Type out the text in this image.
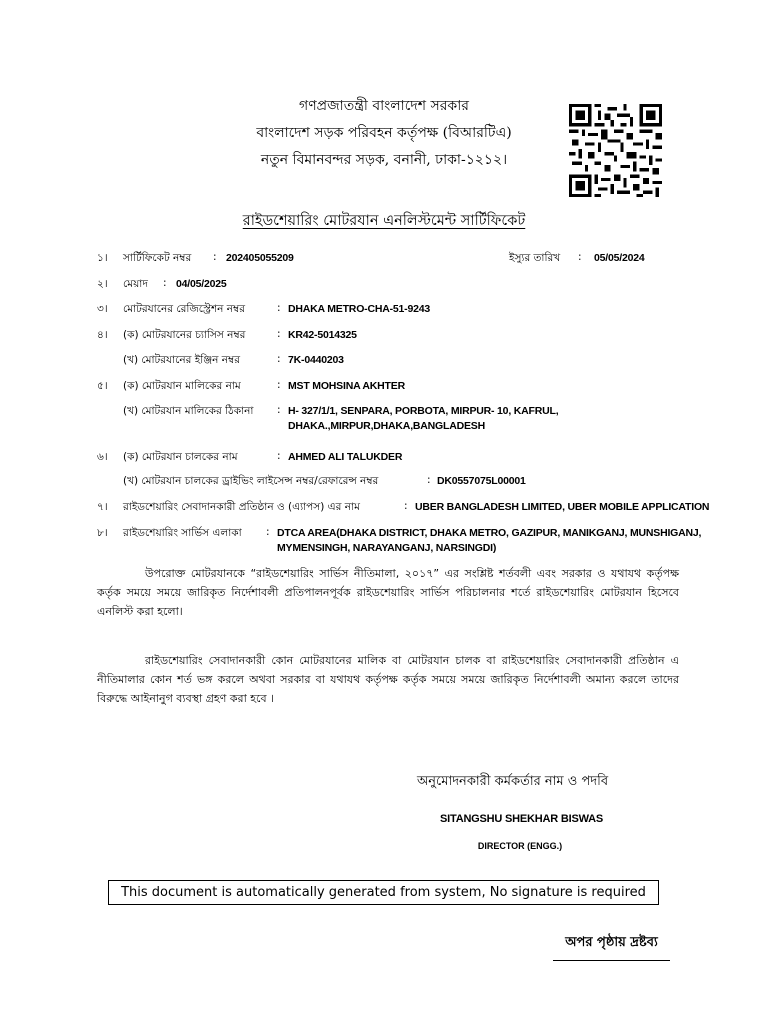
গণপ্রজাতন্ত্রী বাংলাদেশ সরকার
বাংলাদেশ সড়ক পরিবহন কর্তৃপক্ষ (বিআরটিএ)
নতুন বিমানবন্দর সড়ক, বনানী, ঢাকা-১২১২।
রাইডশেয়ারিং মোটরযান এনলিস্টমেন্ট সার্টিফিকেট
১। সার্টিফিকেট নম্বর : 202405055209	ইস্যুর তারিখ : 05/05/2024
২। মেয়াদ : 04/05/2025
৩। মোটরযানের রেজিস্ট্রেশন নম্বর	: DHAKA METRO-CHA-51-9243
৪। (ক) মোটরযানের চ্যাসিস নম্বর	: KR42-5014325
(খ) মোটরযানের ইঞ্জিন নম্বর	: 7K-0440203
৫। (ক) মোটরযান মালিকের নাম	: MST MOHSINA AKHTER
(খ) মোটরযান মালিকের ঠিকানা : H- 327/1/1, SENPARA, PORBOTA, MIRPUR- 10, KAFRUL,
DHAKA.,MIRPUR,DHAKA,BANGLADESH
৬। (ক) মোটরযান চালকের নাম	: AHMED ALI TALUKDER
(খ) মোটরযান চালকের ড্রাইভিং লাইসেন্স নম্বর/রেফারেন্স নম্বর	: DK0557075L00001
৭। রাইডশেয়ারিং সেবাদানকারী প্রতিষ্ঠান ও (এ্যাপস) এর নাম	: UBER BANGLADESH LIMITED, UBER MOBILE APPLICATION
৮। রাইডশেয়ারিং সার্ভিস এলাকা : DTCA AREA(DHAKA DISTRICT, DHAKA METRO, GAZIPUR, MANIKGANJ, MUNSHIGANJ,
MYMENSINGH, NARAYANGANJ, NARSINGDI)
উপরোক্ত মোটরযানকে “রাইডশেয়ারিং সার্ভিস নীতিমালা, ২০১৭” এর সংশ্লিষ্ট শর্তবলী এবং সরকার ও যথাযথ কর্তৃপক্ষ কর্তৃক সময়ে সময়ে জারিকৃত নির্দেশাবলী প্রতিপালনপূর্বক রাইডশেয়ারিং সার্ভিস পরিচালনার শর্তে রাইডশেয়ারিং মোটরযান হিসেবে এনলিস্ট করা হলো।
রাইডশেয়ারিং সেবাদানকারী কোন মোটরযানের মালিক বা মোটরযান চালক বা রাইডশেয়ারিং সেবাদানকারী প্রতিষ্ঠান এ নীতিমালার কোন শর্ত ভঙ্গ করলে অথবা সরকার বা যথাযথ কর্তৃপক্ষ কর্তৃক সময়ে সময়ে জারিকৃত নির্দেশাবলী অমান্য করলে তাদের বিরুদ্ধে আইনানুগ ব্যবস্থা গ্রহণ করা হবে ।
অনুমোদনকারী কর্মকর্তার নাম ও পদবি
SITANGSHU SHEKHAR BISWAS
DIRECTOR (ENGG.)
This document is automatically generated from system, No signature is required
অপর পৃষ্ঠায় দ্রষ্টব্য
